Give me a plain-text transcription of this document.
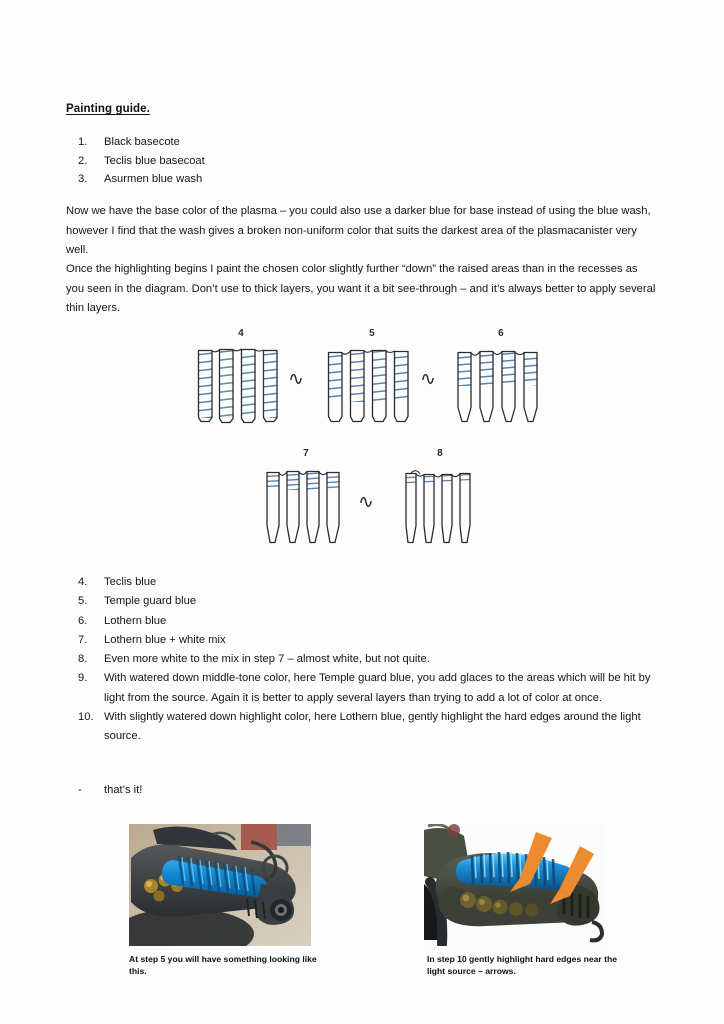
Painting guide.
1.	Black basecote
2.	Teclis blue basecoat
3.	Asurmen blue wash
Now we have the base color of the plasma – you could also use a darker blue for base instead of using the blue wash, however I find that the wash gives a broken non-uniform color that suits the darkest area of the plasmacanister very well.
Once the highlighting begins I paint the chosen color slightly further “down” the raised areas than in the recesses as you seen in the diagram. Don’t use to thick layers, you want it a bit see-through – and it’s always better to apply several thin layers.
4
∿
5
∿
6
7
∿
8
4.	Teclis blue
5.	Temple guard blue
6.	Lothern blue
7.	Lothern blue + white mix
8.	Even more white to the mix in step 7 – almost white, but not quite.
9.	With watered down middle-tone color, here Temple guard blue, you add glaces to the areas which will be hit by light from the source. Again it is better to apply several layers than trying to add a lot of color at once.
10. With slightly watered down highlight color, here Lothern blue, gently highlight the hard edges around the light source.
-	that’s it!
At step 5 you will have something looking like this.
In step 10 gently highlight hard edges near the light source – arrows.
